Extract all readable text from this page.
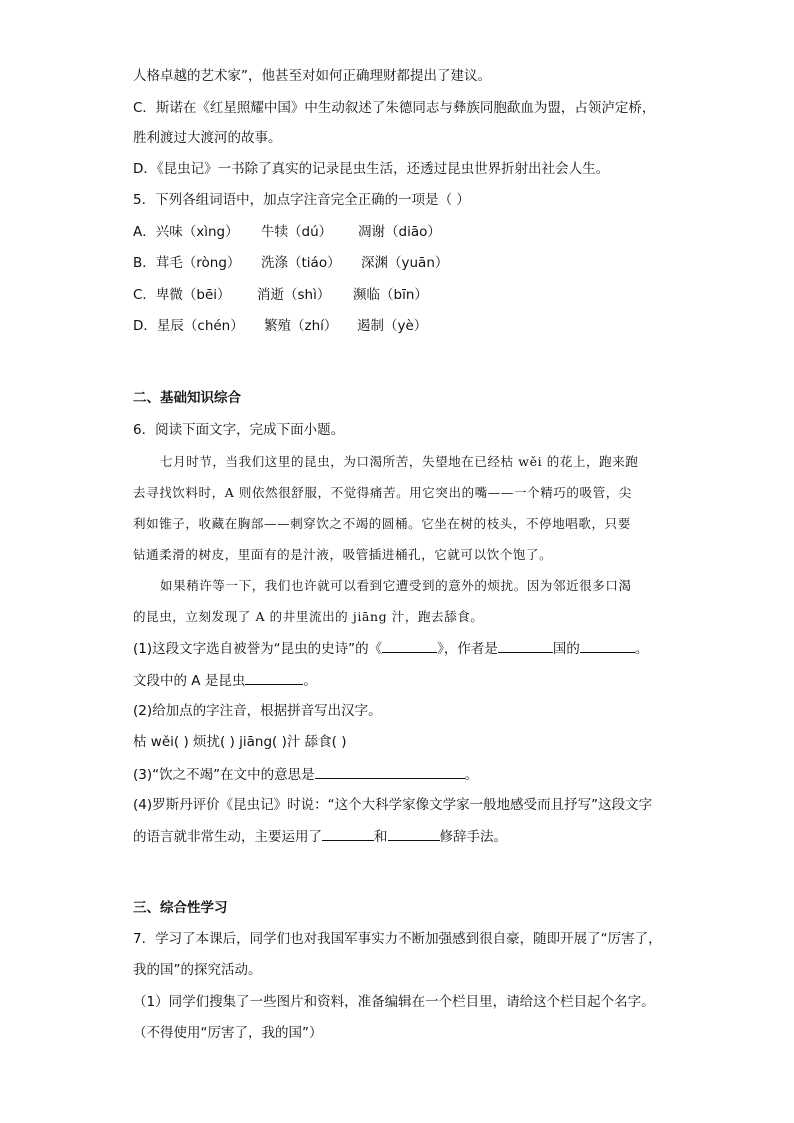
人格卓越的艺术家”，他甚至对如何正确理财都提出了建议。
C．斯诺在《红星照耀中国》中生动叙述了朱德同志与彝族同胞歃血为盟，占领泸定桥，
胜利渡过大渡河的故事。
D．《昆虫记》一书除了真实的记录昆虫生活，还透过昆虫世界折射出社会人生。
5．下列各组词语中，加点字注音完全正确的一项是（ ）
A．兴味（xìng） 牛犊（dú） 凋谢（diāo）
B．茸毛（ròng） 洗涤（tiáo） 深渊（yuān）
C．卑微（bēi） 消逝（shì） 濒临（bīn）
D．星辰（chén） 繁殖（zhí） 遏制（yè）
二、基础知识综合
6．阅读下面文字，完成下面小题。
七月时节，当我们这里的昆虫，为口渴所苦，失望地在已经枯 wěi 的花上，跑来跑
去寻找饮料时，A 则依然很舒服，不觉得痛苦。用它突出的嘴——一个精巧的吸管，尖
利如锥子，收藏在胸部——刺穿饮之不竭的圆桶。它坐在树的枝头，不停地唱歌，只要
钻通柔滑的树皮，里面有的是汁液，吸管插进桶孔，它就可以饮个饱了。
如果稍许等一下，我们也许就可以看到它遭受到的意外的烦扰。因为邻近很多口渴
的昆虫，立刻发现了 A 的井里流出的 jiāng 汁，跑去舔食。
(1)这段文字选自被誉为“昆虫的史诗”的《	》，作者是	国的	。
文段中的 A 是昆虫	。
(2)给加点的字注音，根据拼音写出汉字。
枯 wěi( ) 烦扰( ) jiāng( )汁 舔食( )
(3)“饮之不竭”在文中的意思是	。
(4)罗斯丹评价《昆虫记》时说：“这个大科学家像文学家一般地感受而且抒写”这段文字
的语言就非常生动，主要运用了	和	修辞手法。
三、综合性学习
7．学习了本课后，同学们也对我国军事实力不断加强感到很自豪，随即开展了“厉害了，
我的国”的探究活动。
（1）同学们搜集了一些图片和资料，准备编辑在一个栏目里，请给这个栏目起个名字。
（不得使用“厉害了，我的国”）
